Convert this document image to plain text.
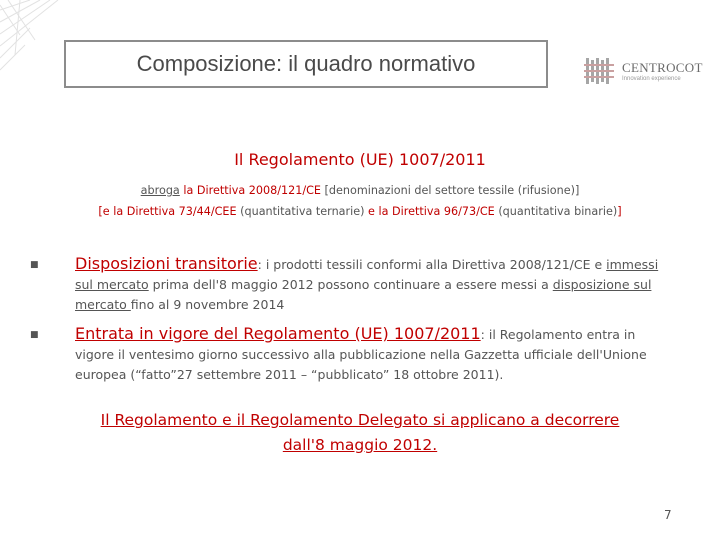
Composizione: il quadro normativo	CENTROCOT
Innovation experience
Il Regolamento (UE) 1007/2011
abroga la Direttiva 2008/121/CE [denominazioni del settore tessile (rifusione)]
[e la Direttiva 73/44/CEE (quantitativa ternarie) e la Direttiva 96/73/CE (quantitativa binarie)]
■ Disposizioni transitorie: i prodotti tessili conformi alla Direttiva 2008/121/CE e immessi sul mercato prima dell'8 maggio 2012 possono continuare a essere messi a disposizione sul mercato fino al 9 novembre 2014
■ Entrata in vigore del Regolamento (UE) 1007/2011: il Regolamento entra in vigore il ventesimo giorno successivo alla pubblicazione nella Gazzetta ufficiale dell'Unione europea (“fatto”27 settembre 2011 – “pubblicato” 18 ottobre 2011).
Il Regolamento e il Regolamento Delegato si applicano a decorrere
dall'8 maggio 2012.
7
